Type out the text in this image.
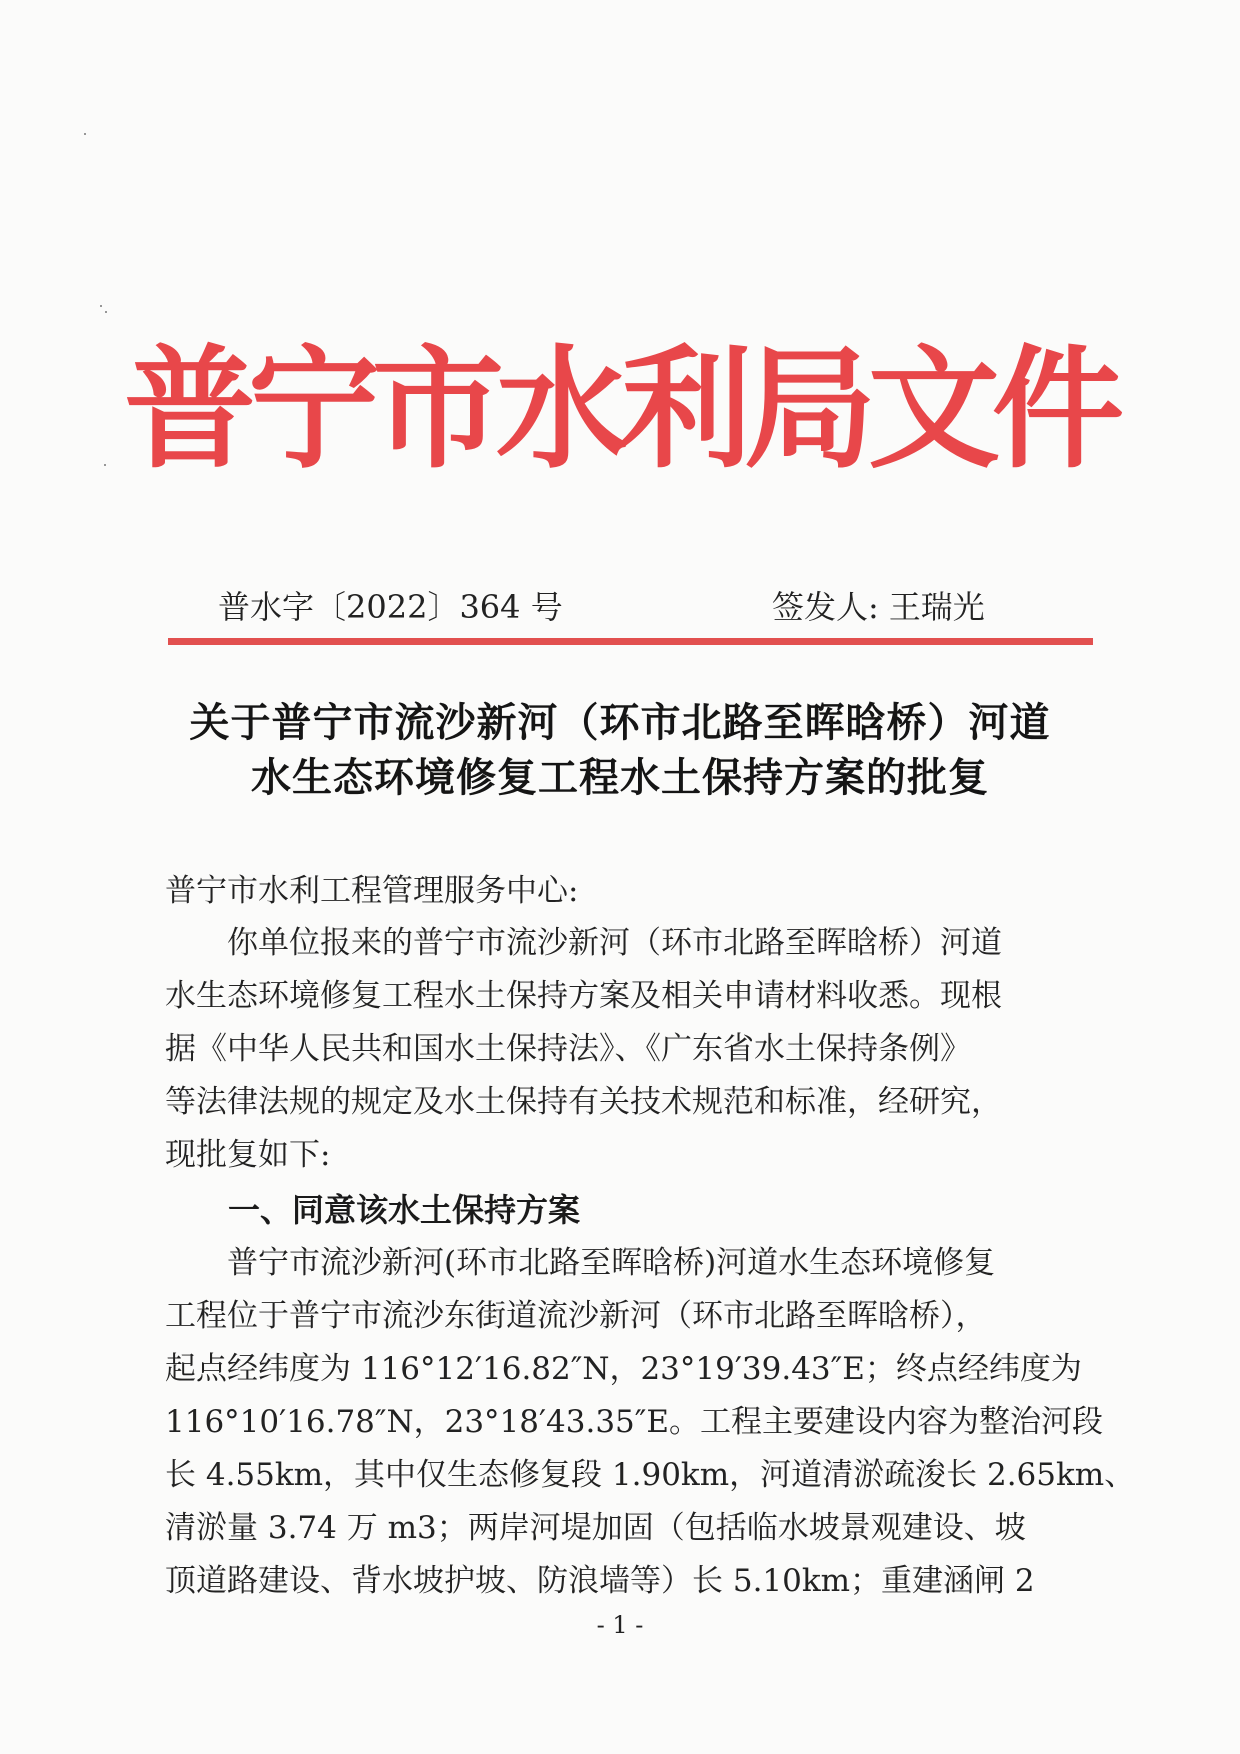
普宁市水利局文件
普水字〔2022〕364 号	签发人: 王瑞光
关于普宁市流沙新河（环市北路至晖晗桥）河道
水生态环境修复工程水土保持方案的批复
普宁市水利工程管理服务中心:
　　你单位报来的普宁市流沙新河（环市北路至晖晗桥）河道
水生态环境修复工程水土保持方案及相关申请材料收悉。现根
据《中华人民共和国水土保持法》、《广东省水土保持条例》
等法律法规的规定及水土保持有关技术规范和标准，经研究，
现批复如下:
一、同意该水土保持方案
　　普宁市流沙新河(环市北路至晖晗桥)河道水生态环境修复
工程位于普宁市流沙东街道流沙新河（环市北路至晖晗桥），
起点经纬度为 116°12′16.82″N，23°19′39.43″E；终点经纬度为
116°10′16.78″N，23°18′43.35″E。工程主要建设内容为整治河段
长 4.55km，其中仅生态修复段 1.90km，河道清淤疏浚长 2.65km、
清淤量 3.74 万 m3；两岸河堤加固（包括临水坡景观建设、坡
顶道路建设、背水坡护坡、防浪墙等）长 5.10km；重建涵闸 2
- 1 -
